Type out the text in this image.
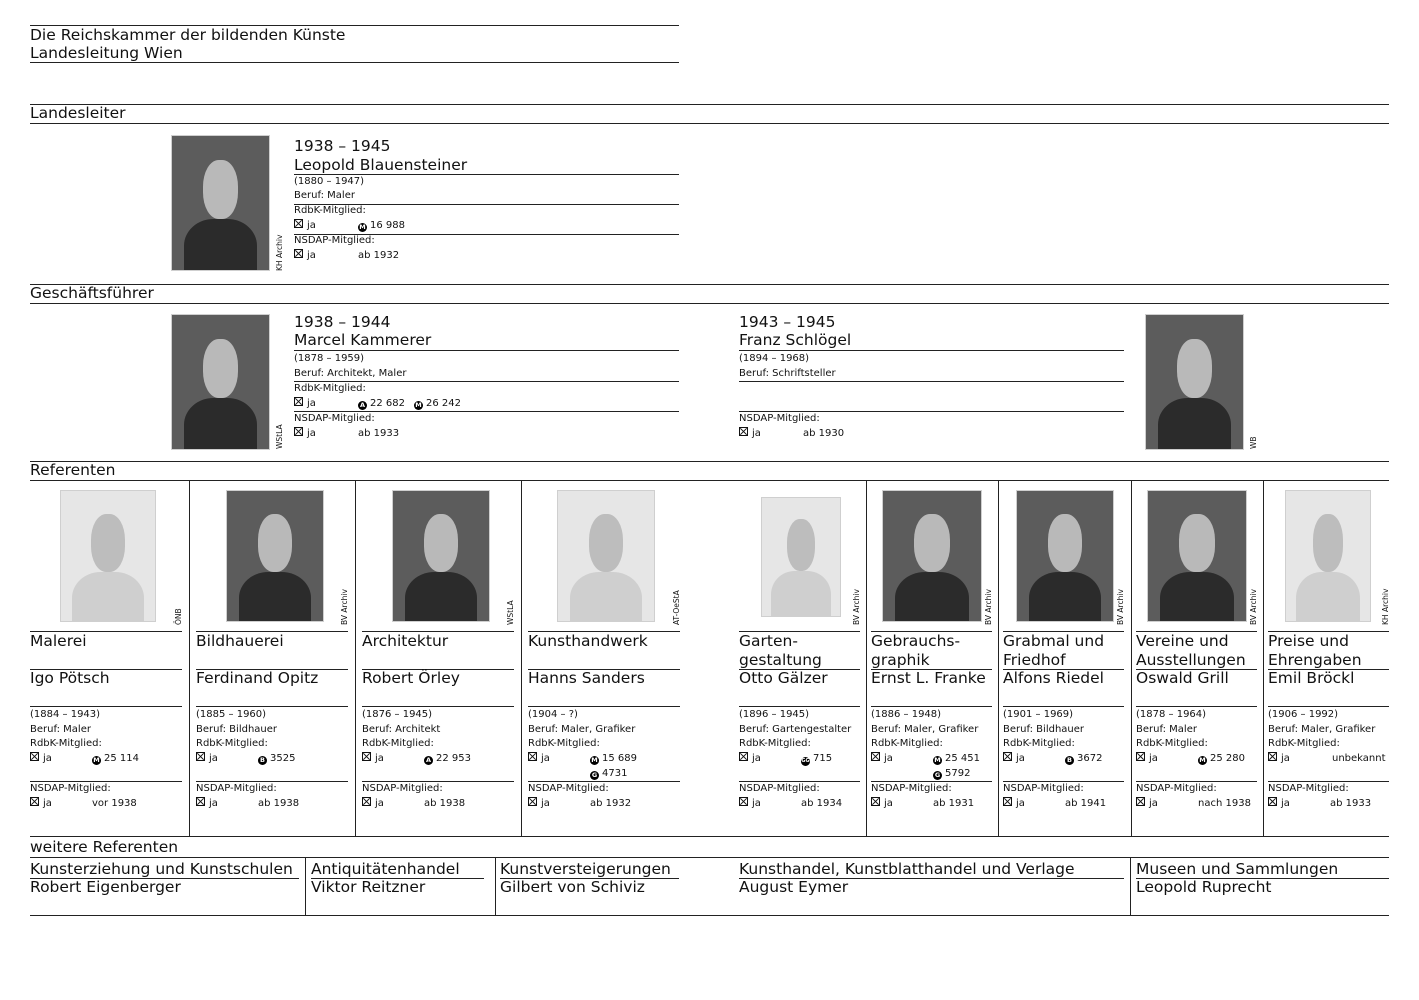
Die Reichskammer der bildenden Künste
Landesleitung Wien
Landesleiter
KH Archiv
1938 – 1945
Leopold Blauensteiner
(1880 – 1947)
Beruf: Maler
RdbK-Mitglied:
ja	M 16 988
NSDAP-Mitglied:
ja	ab 1932
Geschäftsführer
WStLA
1938 – 1944
Marcel Kammerer
(1878 – 1959)
Beruf: Architekt, Maler
RdbK-Mitglied:
ja	A 22 682 M 26 242
NSDAP-Mitglied:
ja	ab 1933
1943 – 1945
Franz Schlögel
(1894 – 1968)
Beruf: Schriftsteller
NSDAP-Mitglied:
ja	ab 1930
WB
Referenten
ÖNB
Malerei
Igo Pötsch
(1884 – 1943)
Beruf: Maler
RdbK-Mitglied:
ja	M 25 114
NSDAP-Mitglied:
ja	vor 1938
BV Archiv
Bildhauerei
Ferdinand Opitz
(1885 – 1960)
Beruf: Bildhauer
RdbK-Mitglied:
ja	B 3525
NSDAP-Mitglied:
ja	ab 1938
WStLA
Architektur
Robert Örley
(1876 – 1945)
Beruf: Architekt
RdbK-Mitglied:
ja	A 22 953
NSDAP-Mitglied:
ja	ab 1938
AT-OeStA
Kunsthandwerk
Hanns Sanders
(1904 – ?)
Beruf: Maler, Grafiker
RdbK-Mitglied:
ja	M 15 689
G 4731
NSDAP-Mitglied:
ja	ab 1932
BV Archiv
Garten-
gestaltung
Otto Gälzer
(1896 – 1945)
Beruf: Gartengestalter
RdbK-Mitglied:
ja	GG 715
NSDAP-Mitglied:
ja	ab 1934
BV Archiv
Gebrauchs-
graphik
Ernst L. Franke
(1886 – 1948)
Beruf: Maler, Grafiker
RdbK-Mitglied:
ja	M 25 451
G 5792
NSDAP-Mitglied:
ja	ab 1931
BV Archiv
Grabmal und
Friedhof
Alfons Riedel
(1901 – 1969)
Beruf: Bildhauer
RdbK-Mitglied:
ja	B 3672
NSDAP-Mitglied:
ja	ab 1941
BV Archiv
Vereine und
Ausstellungen
Oswald Grill
(1878 – 1964)
Beruf: Maler
RdbK-Mitglied:
ja	M 25 280
NSDAP-Mitglied:
ja	nach 1938
KH Archiv
Preise und
Ehrengaben
Emil Bröckl
(1906 – 1992)
Beruf: Maler, Grafiker
RdbK-Mitglied:
ja	unbekannt
NSDAP-Mitglied:
ja	ab 1933
weitere Referenten
Kunsterziehung und Kunstschulen
Robert Eigenberger
Antiquitätenhandel
Viktor Reitzner
Kunstversteigerungen
Gilbert von Schiviz
Kunsthandel, Kunstblatthandel und Verlage
August Eymer
Museen und Sammlungen
Leopold Ruprecht
